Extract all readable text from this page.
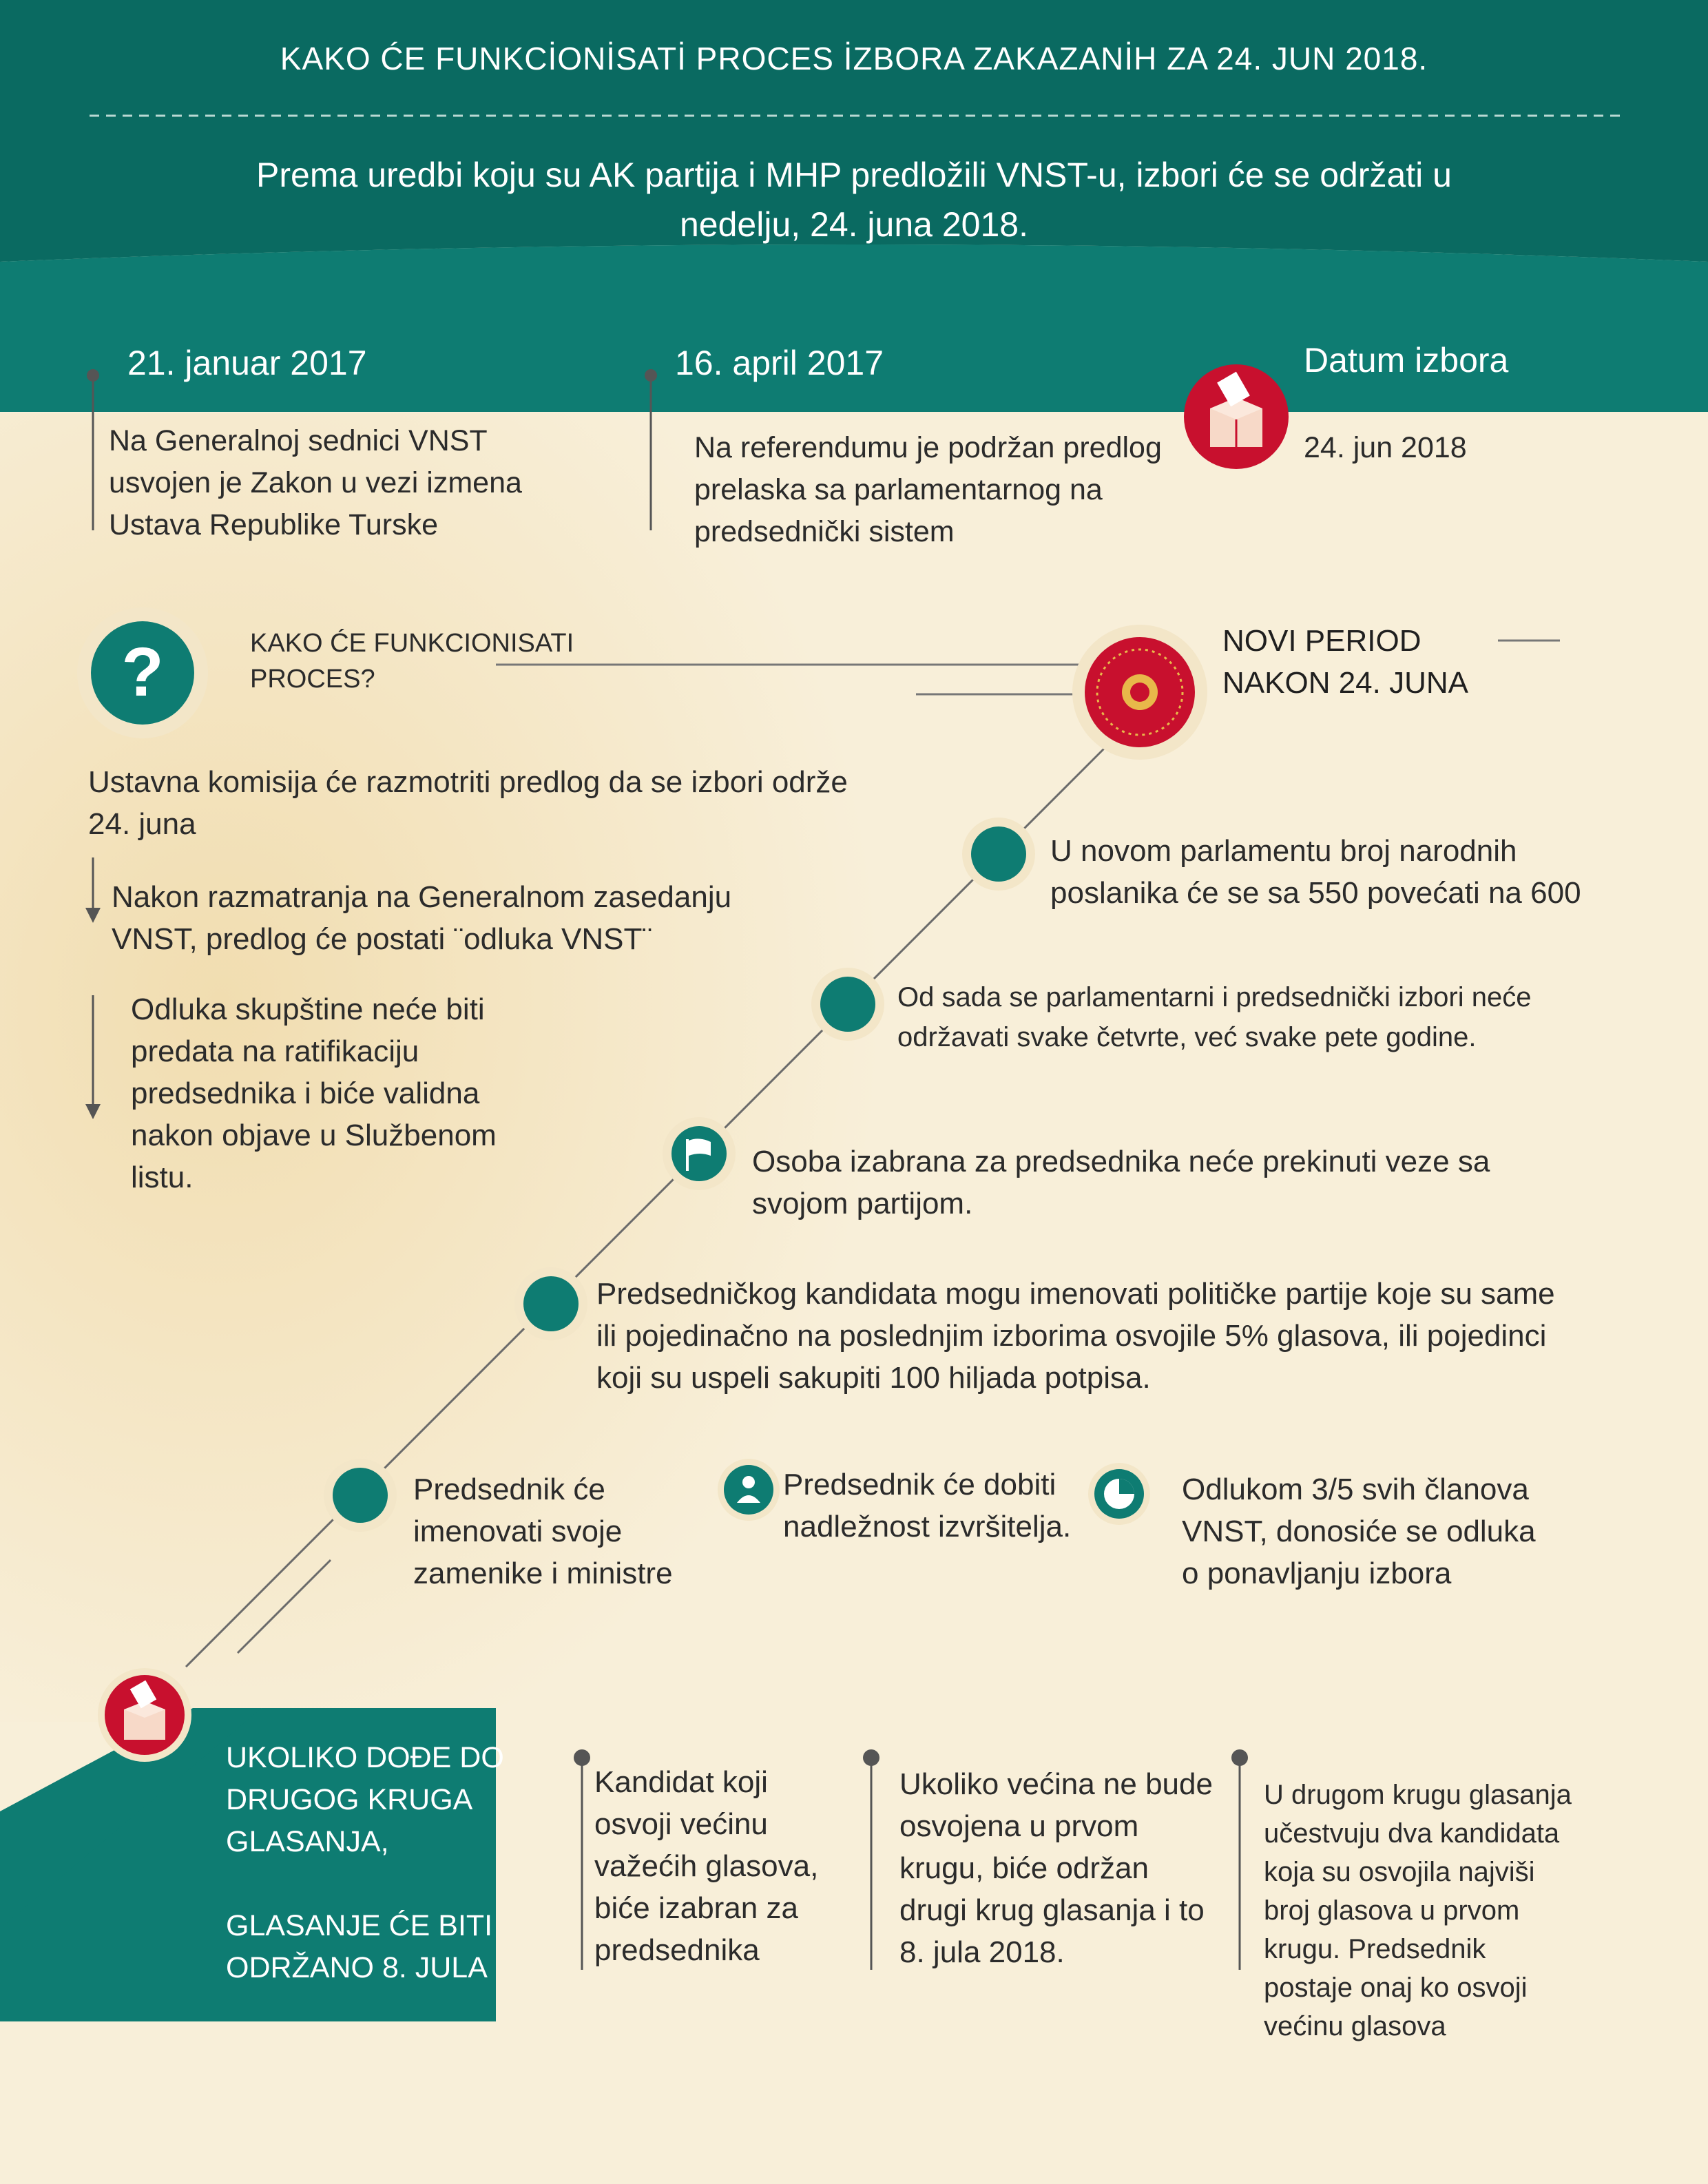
KAKO ĆE FUNKCİONİSATİ PROCES İZBORA ZAKAZANİH ZA 24. JUN 2018.
Prema uredbi koju su AK partija i MHP predložili VNST-u, izbori će se održati u
nedelju, 24. juna 2018.
21. januar 2017
Na Generalnoj sednici VNST
usvojen je Zakon u vezi izmena
Ustava Republike Turske
16. april 2017
Na referendumu je podržan predlog
prelaska sa parlamentarnog na
predsednički sistem
Datum izbora
24. jun 2018
?	KAKO ĆE FUNKCIONISATI
PROCES?
Ustavna komisija će razmotriti predlog da se izbori održe
24. juna
Nakon razmatranja na Generalnom zasedanju
VNST, predlog će postati ¨odluka VNST¨
Odluka skupštine neće biti
predata na ratifikaciju
predsednika i biće validna
nakon objave u Službenom
listu.
NOVI PERIOD
NAKON 24. JUNA
U novom parlamentu broj narodnih
poslanika će se sa 550 povećati na 600
Od sada se parlamentarni i predsednički izbori neće
održavati svake četvrte, već svake pete godine.
Osoba izabrana za predsednika neće prekinuti veze sa
svojom partijom.
Predsedničkog kandidata mogu imenovati političke partije koje su same
ili pojedinačno na poslednjim izborima osvojile 5% glasova, ili pojedinci
koji su uspeli sakupiti 100 hiljada potpisa.
Predsednik će
imenovati svoje
zamenike i ministre
Predsednik će dobiti
nadležnost izvršitelja.
Odlukom 3/5 svih članova
VNST, donosiće se odluka
o ponavljanju izbora
UKOLIKO DOĐE DO
DRUGOG KRUGA
GLASANJA,
GLASANJE ĆE BITI
ODRŽANO 8. JULA
Kandidat koji
osvoji većinu
važećih glasova,
biće izabran za
predsednika
Ukoliko većina ne bude
osvojena u prvom
krugu, biće održan
drugi krug glasanja i to
8. jula 2018.
U drugom krugu glasanja
učestvuju dva kandidata
koja su osvojila najviši
broj glasova u prvom
krugu. Predsednik
postaje onaj ko osvoji
većinu glasova
